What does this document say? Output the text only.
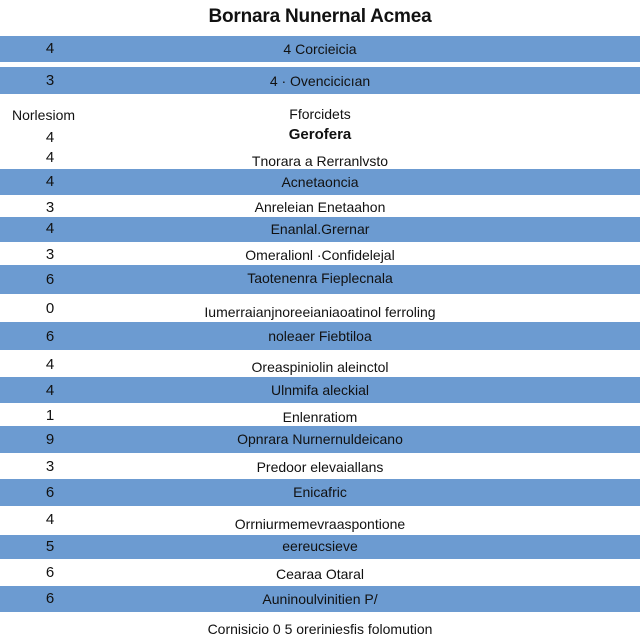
Bornara Nunernal Acmea
4	4 Corcieicia
3	4 · Ovencicicıan
Norlesiom	Fforcidets
4	Gerofera
4	Tnorara a Rerranlvsto
4	Acnetaoncia
3	Anreleian Enetaahon
4	Enanlal.Grernar
3	Omeralionl ·Confidelejal
6	Taotenenra Fieplecnala
0	Iumerraianjnoreeianiaoatinol ferroling
6	noleaer Fiebtiloa
4	Oreaspiniolin aleinctol
4	Ulnmifa aleckial
1	Enlenratiom
9	Opnrara Nurnernuldeicano
3	Predoor elevaiallans
6	Enicafric
4	Orrniurmemevraaspontione
5	eereucsieve
6	Cearaa Otaral
6	Auninoulvinitien P/
Cornisicio 0 5 oreriniesfis folomution
